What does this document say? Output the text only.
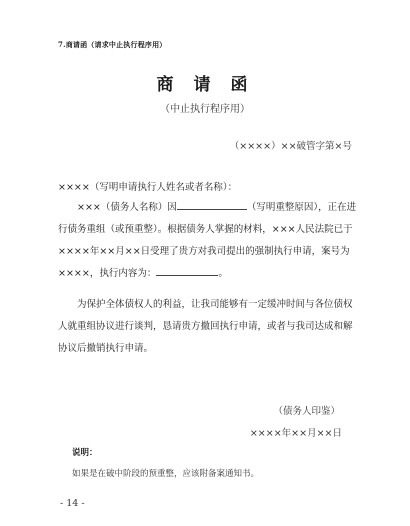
7.商请函（请求中止执行程序用）
商请函
（中止执行程序用）
（××××）××破管字第×号
××××（写明申请执行人姓名或者名称）：
×××（债务人名称）因	（写明重整原因），正在进行债务重组（或预重整）。根据债务人掌握的材料，×××人民法院已于××××年××月××日受理了贵方对我司提出的强制执行申请，案号为××××，执行内容为：	。
为保护全体债权人的利益，让我司能够有一定缓冲时间与各位债权人就重组协议进行谈判，恳请贵方撤回执行申请，或者与我司达成和解协议后撤销执行申请。
（债务人印鉴）
××××年××月××日
说明：
如果是在破中阶段的预重整，应该附备案通知书。
- 14 -
